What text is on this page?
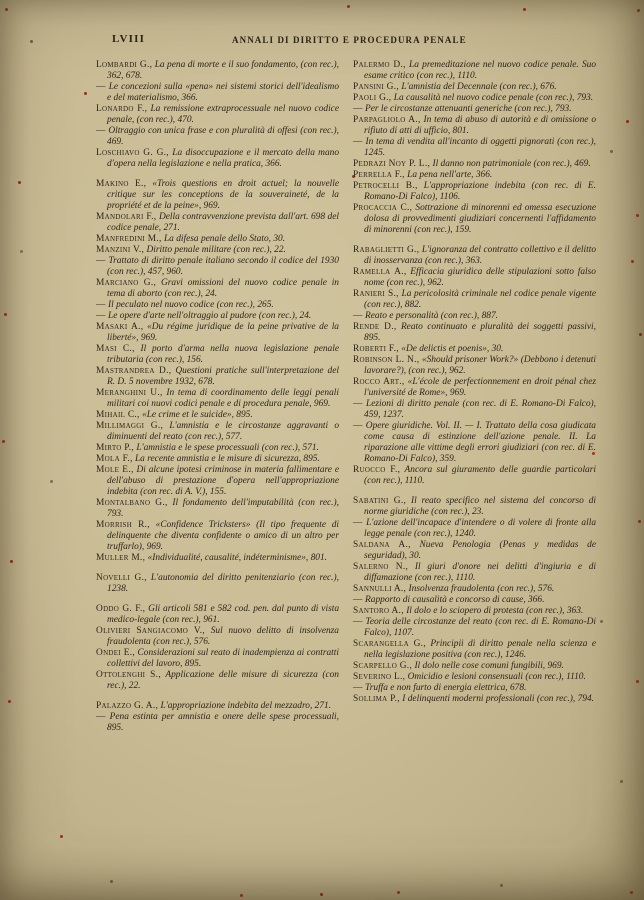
LVIII	ANNALI DI DIRITTO E PROCEDURA PENALE

Lombardi G., La pena di morte e il suo fondamento, (con rec.), 362, 678.

— Le concezioni sulla «pena» nei sistemi storici dell'idealismo e del materialismo, 366.

Lonardo F., La remissione extraprocessuale nel nuovo codice penale, (con rec.), 470.

— Oltraggio con unica frase e con pluralità di offesi (con rec.), 469.

Loschiavo G. G., La disoccupazione e il mercato della mano d'opera nella legislazione e nella pratica, 366.

Makino E., «Trois questions en droit actuel; la nouvelle critique sur les conceptions de la souveraineté, de la propriété et de la peine», 969.

Mandolari F., Della contravvenzione prevista dall'art. 698 del codice penale, 271.

Manfredini M., La difesa penale dello Stato, 30.

Manzini V., Diritto penale militare (con rec.), 22.

— Trattato di diritto penale italiano secondo il codice del 1930 (con rec.), 457, 960.

Marciano G., Gravi omissioni del nuovo codice penale in tema di aborto (con rec.), 24.

— Il peculato nel nuovo codice (con rec.), 265.

— Le opere d'arte nell'oltraggio al pudore (con rec.), 24.

Masaki A., «Du régime juridique de la peine privative de la liberté», 969.

Masi C., Il porto d'arma nella nuova legislazione penale tributaria (con rec.), 156.

Mastrandrea D., Questioni pratiche sull'interpretazione del R. D. 5 novembre 1932, 678.

Meranghini U., In tema di coordinamento delle leggi penali militari coi nuovi codici penale e di procedura penale, 969.

Mihail C., «Le crime et le suicide», 895.

Millimaggi G., L'amnistia e le circostanze aggravanti o diminuenti del reato (con rec.), 577.

Mirto P., L'amnistia e le spese processuali (con rec.), 571.

Mola F., La recente amnistia e le misure di sicurezza, 895.

Mole E., Di alcune ipotesi criminose in materia fallimentare e dell'abuso di prestazione d'opera nell'appropriazione indebita (con rec. di A. V.), 155.

Montalbano G., Il fondamento dell'imputabilità (con rec.), 793.

Morrish R., «Confidence Tricksters» (Il tipo frequente di delinquente che diventa confidente o amico di un altro per truffarlo), 969.

Muller M., «Individualité, causalité, indéterminisme», 801.

Novelli G., L'autonomia del diritto penitenziario (con rec.), 1238.

Oddo G. F., Gli articoli 581 e 582 cod. pen. dal punto di vista medico-legale (con rec.), 961.

Olivieri Sangiacomo V., Sul nuovo delitto di insolvenza fraudolenta (con rec.), 576.

Ondei E., Considerazioni sul reato di inadempienza ai contratti collettivi del lavoro, 895.

Ottolenghi S., Applicazione delle misure di sicurezza (con rec.), 22.

Palazzo G. A., L'appropriazione indebita del mezzadro, 271.

— Pena estinta per amnistia e onere delle spese processuali, 895.

Palermo D., La premeditazione nel nuovo codice penale. Suo esame critico (con rec.), 1110.

Pansini G., L'amnistia del Decennale (con rec.), 676.

Paoli G., La causalità nel nuovo codice penale (con rec.), 793.

— Per le circostanze attenuanti generiche (con rec.), 793.

Parpagliolo A., In tema di abuso di autorità e di omissione o rifiuto di atti di ufficio, 801.

— In tema di vendita all'incanto di oggetti pignorati (con rec.), 1245.

Pedrazi Noy P. L., Il danno non patrimoniale (con rec.), 469.

Perrella F., La pena nell'arte, 366.

Petrocelli B., L'appropriazione indebita (con rec. di E. Romano-Di Falco), 1106.

Procaccia C., Sottrazione di minorenni ed omessa esecuzione dolosa di provvedimenti giudiziari concernenti l'affidamento di minorenni (con rec.), 159.

Rabaglietti G., L'ignoranza del contratto collettivo e il delitto di inosservanza (con rec.), 363.

Ramella A., Efficacia giuridica delle stipulazioni sotto falso nome (con rec.), 962.

Ranieri S., La pericolosità criminale nel codice penale vigente (con rec.), 882.

— Reato e personalità (con rec.), 887.

Rende D., Reato continuato e pluralità dei soggetti passivi, 895.

Roberti F., «De delictis et poenis», 30.

Robinson L. N., «Should prisoner Work?» (Debbono i detenuti lavorare?), (con rec.), 962.

Rocco Art., «L'école de perfectionnement en droit pénal chez l'université de Rome», 969.

— Lezioni di diritto penale (con rec. di E. Romano-Di Falco), 459, 1237.

— Opere giuridiche. Vol. II. — I. Trattato della cosa giudicata come causa di estinzione dell'azione penale. II. La riparazione alle vittime degli errori giudiziari (con rec. di E. Romano-Di Falco), 359.

Ruocco F., Ancora sul giuramento delle guardie particolari (con rec.), 1110.

Sabatini G., Il reato specifico nel sistema del concorso di norme giuridiche (con rec.), 23.

— L'azione dell'incapace d'intendere o di volere di fronte alla legge penale (con rec.), 1240.

Saldana A., Nueva Penologia (Penas y medidas de seguridad), 30.

Salerno N., Il giuri d'onore nei delitti d'ingiuria e di diffamazione (con rec.), 1110.

Sannulli A., Insolvenza fraudolenta (con rec.), 576.

— Rapporto di causalità e concorso di cause, 366.

Santoro A., Il dolo e lo sciopero di protesta (con rec.), 363.

— Teoria delle circostanze del reato (con rec. di E. Romano-Di Falco), 1107.

Scarangella G., Principii di diritto penale nella scienza e nella legislazione positiva (con rec.), 1246.

Scarpello G., Il dolo nelle cose comuni fungibili, 969.

Severino L., Omicidio e lesioni consensuali (con rec.), 1110.

— Truffa e non furto di energia elettrica, 678.

Sollima P., I delinquenti moderni professionali (con rec.), 794.
